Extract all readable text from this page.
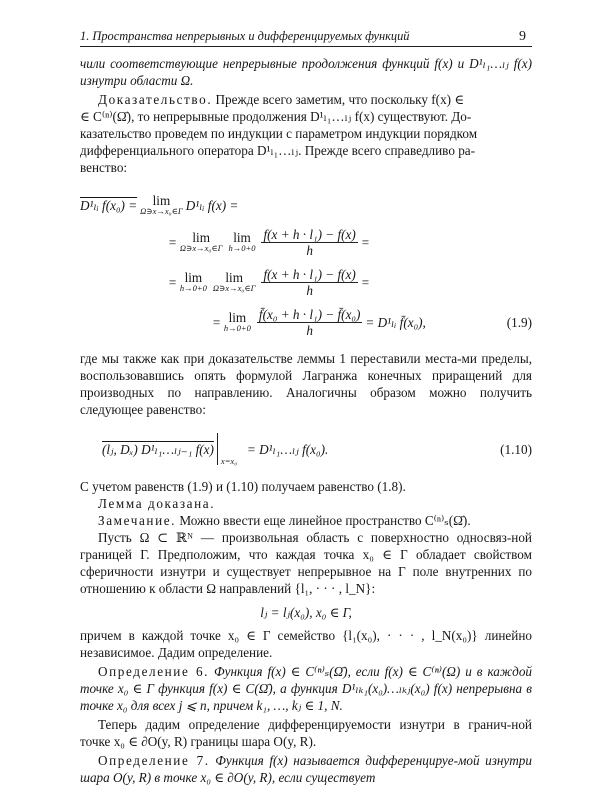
1. Пространства непрерывных и дифференцируемых функций	9

чили соответствующие непрерывные продолжения функций f(x) и D¹ₗ₁…ₗⱼ f(x) изнутри области Ω.

Доказательство. Прежде всего заметим, что поскольку f(x) ∈

∈ C⁽ⁿ⁾(Ω̄), то непрерывные продолжения D¹ₗ₁…ₗⱼ f(x) существуют. До-

казательство проведем по индукции с параметром индукции порядком

дифференциального оператора D¹ₗ₁…ₗⱼ. Прежде всего справедливо ра-

венство:

D¹ₗᵢ f(x₀) = lim
Ω∋x→x₀∈Γ D¹ₗᵢ f(x) =
= lim
Ω∋x→x₀∈Γ
lim
$h\to 0+0 \frac{\text{f(x + h · l₁) − f(x)}}{h}$ =
= lim
h→0+0
lim
Ω∋x→x₀∈Γ $\frac{\text{f(x + h · l₁) − f(x)}}{h}$ =
= lim
$h\to 0+0 \frac{\text{f̄(x₀ + h · l₁) − f̄(x₀)}}{h}$ = D¹ₗᵢ f̄(x₀),	(1.9)

где мы также как при доказательстве леммы 1 переставили места-ми пределы, воспользовавшись опять формулой Лагранжа конечных приращений для производных по направлению. Аналогичны образом можно получить следующее равенство:

(lⱼ, Dₓ) D¹ₗ₁…ₗⱼ₋₁ f(x)
x=x₀
= D¹ₗ₁…ₗⱼ f(x₀).	(1.10)

С учетом равенств (1.9) и (1.10) получаем равенство (1.8).

Лемма доказана.

Замечание. Можно ввести еще линейное пространство C⁽ⁿ⁾ₛ(Ω̄).

Пусть Ω ⊂ ℝᴺ — произвольная область с поверхностно односвяз-ной границей Γ. Предположим, что каждая точка x₀ ∈ Γ обладает свойством сферичности изнутри и существует непрерывное на Γ поле внутренних по отношению к области Ω направлений {l₁, · · · , l_N}:

lⱼ = lⱼ(x₀), x₀ ∈ Γ,

причем в каждой точке x₀ ∈ Γ семейство {l₁(x₀), · · · , l_N(x₀)} линейно независимое. Дадим определение.

Определение 6. Функция f(x) ∈ C⁽ⁿ⁾ₛ(Ω̄), если f(x) ∈ C⁽ⁿ⁾(Ω) и в каждой точке x₀ ∈ Γ функция f(x) ∈ C(Ω̄), а функция D¹ₗₖ₁(x₀)…ₗₖⱼ(x₀) f(x) непрерывна в точке x₀ для всех j ⩽ n, причем k₁, …, kⱼ ∈ 1, N.

Теперь дадим определение дифференцируемости изнутри в гранич-ной точке x₀ ∈ ∂O(y, R) границы шара O(y, R).

Определение 7. Функция f(x) называется дифференцируе-мой изнутри шара O(y, R) в точке x₀ ∈ ∂O(y, R), если существует
